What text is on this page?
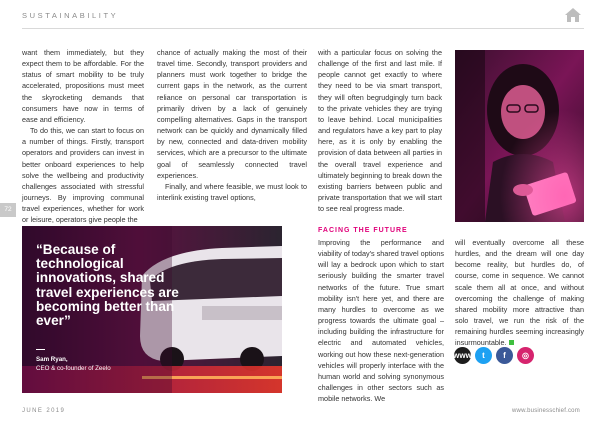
SUSTAINABILITY

want them immediately, but they expect them to be affordable. For the status of smart mobility to be truly accelerated, propositions must meet the skyrocketing demands that consumers have now in terms of ease and efficiency.

To do this, we can start to focus on a number of things. Firstly, transport operators and providers can invest in better onboard experiences to help solve the wellbeing and productivity challenges associated with stressful journeys. By improving communal travel experiences, whether for work or leisure, operators give people the

chance of actually making the most of their travel time. Secondly, transport providers and planners must work together to bridge the current gaps in the network, as the current reliance on personal car transportation is primarily driven by a lack of genuinely compelling alternatives. Gaps in the transport network can be quickly and dynamically filled by new, connected and data-driven mobility services, which are a precursor to the ultimate goal of seamlessly connected travel experiences.

Finally, and where feasible, we must look to interlink existing travel options,

with a particular focus on solving the challenge of the first and last mile. If people cannot get exactly to where they need to be via smart transport, they will often begrudgingly turn back to the private vehicles they are trying to leave behind. Local municipalities and regulators have a key part to play here, as it is only by enabling the provision of data between all parties in the overall travel experience and ultimately beginning to break down the existing barriers between public and private transportation that we will start to see real progress made.

72	73
“Because of technological innovations, shared travel experiences are becoming better than ever”
Sam Ryan,
CEO & co-founder of Zeelo
FACING THE FUTURE

Improving the performance and viability of today's shared travel options will lay a bedrock upon which to start seriously building the smarter travel networks of the future. True smart mobility isn't here yet, and there are many hurdles to overcome as we progress towards the ultimate goal – including building the infrastructure for electric and automated vehicles, working out how these next-generation vehicles will properly interface with the human world and solving synonymous challenges in other sectors such as mobile networks. We

will eventually overcome all these hurdles, and the dream will one day become reality, but hurdles do, of course, come in sequence. We cannot scale them all at once, and without overcoming the challenge of making shared mobility more attractive than solo travel, we run the risk of the remaining hurdles seeming increasingly insurmountable.

www	t	f	◎
JUNE 2019	www.businesschief.com
